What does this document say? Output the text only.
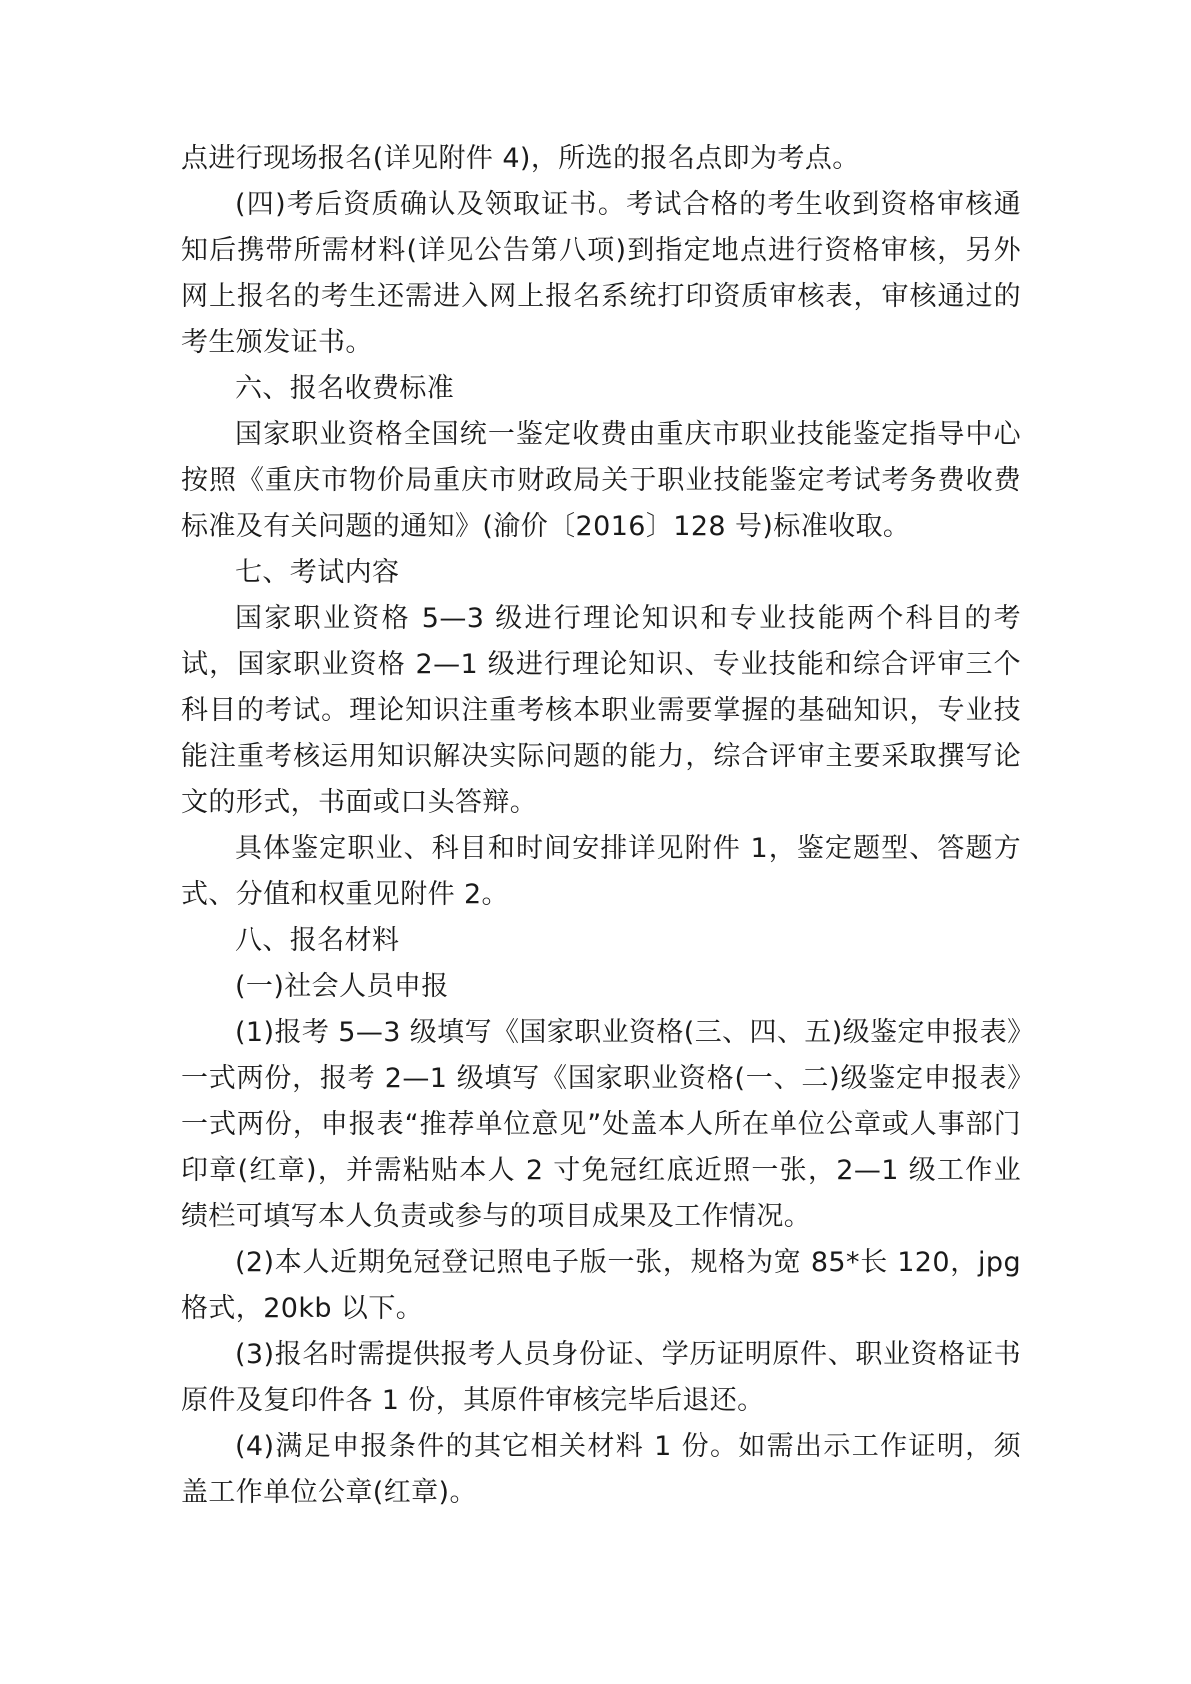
点进行现场报名(详见附件 4)，所选的报名点即为考点。

(四)考后资质确认及领取证书。考试合格的考生收到资格审核通知后携带所需材料(详见公告第八项)到指定地点进行资格审核，另外网上报名的考生还需进入网上报名系统打印资质审核表，审核通过的考生颁发证书。

六、报名收费标准

国家职业资格全国统一鉴定收费由重庆市职业技能鉴定指导中心按照《重庆市物价局重庆市财政局关于职业技能鉴定考试考务费收费标准及有关问题的通知》(渝价〔2016〕128 号)标准收取。

七、考试内容

国家职业资格 5—3 级进行理论知识和专业技能两个科目的考试，国家职业资格 2—1 级进行理论知识、专业技能和综合评审三个科目的考试。理论知识注重考核本职业需要掌握的基础知识，专业技能注重考核运用知识解决实际问题的能力，综合评审主要采取撰写论文的形式，书面或口头答辩。

具体鉴定职业、科目和时间安排详见附件 1，鉴定题型、答题方式、分值和权重见附件 2。

八、报名材料

(一)社会人员申报

(1)报考 5—3 级填写《国家职业资格(三、四、五)级鉴定申报表》一式两份，报考 2—1 级填写《国家职业资格(一、二)级鉴定申报表》一式两份，申报表“推荐单位意见”处盖本人所在单位公章或人事部门印章(红章)，并需粘贴本人 2 寸免冠红底近照一张，2—1 级工作业绩栏可填写本人负责或参与的项目成果及工作情况。

(2)本人近期免冠登记照电子版一张，规格为宽 85*长 120，jpg 格式，20kb 以下。

(3)报名时需提供报考人员身份证、学历证明原件、职业资格证书原件及复印件各 1 份，其原件审核完毕后退还。

(4)满足申报条件的其它相关材料 1 份。如需出示工作证明，须盖工作单位公章(红章)。
